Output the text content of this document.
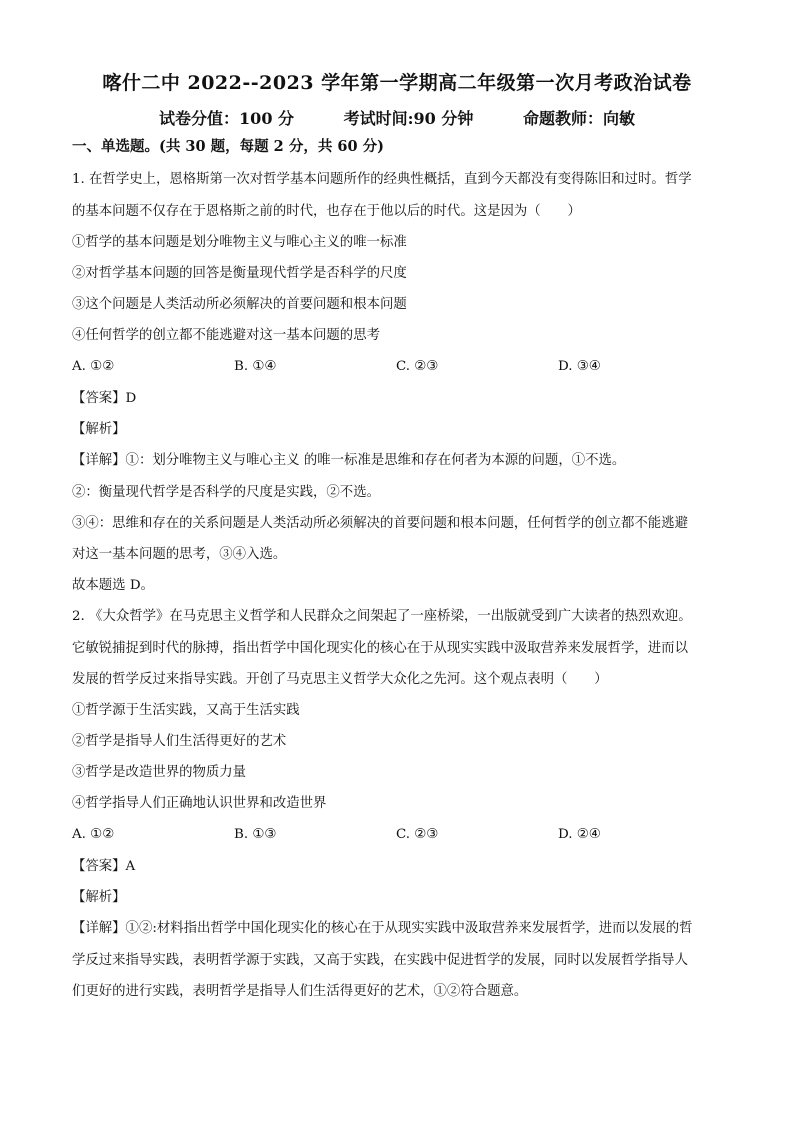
喀什二中 2022--2023 学年第一学期高二年级第一次月考政治试卷
试卷分值：100 分	考试时间:90 分钟	命题教师：向敏
一、单选题。(共 30 题，每题 2 分，共 60 分)
1. 在哲学史上，恩格斯第一次对哲学基本问题所作的经典性概括，直到今天都没有变得陈旧和过时。哲学
的基本问题不仅存在于恩格斯之前的时代，也存在于他以后的时代。这是因为（　　）
①哲学的基本问题是划分唯物主义与唯心主义的唯一标准
②对哲学基本问题的回答是衡量现代哲学是否科学的尺度
③这个问题是人类活动所必须解决的首要问题和根本问题
④任何哲学的创立都不能逃避对这一基本问题的思考
A. ①②	B. ①④	C. ②③	D. ③④
【答案】D
【解析】
【详解】①：划分唯物主义与唯心主义 的唯一标准是思维和存在何者为本源的问题，①不选。
②：衡量现代哲学是否科学的尺度是实践，②不选。
③④：思维和存在的关系问题是人类活动所必须解决的首要问题和根本问题，任何哲学的创立都不能逃避
对这一基本问题的思考，③④入选。
故本题选 D。
2. 《大众哲学》在马克思主义哲学和人民群众之间架起了一座桥梁，一出版就受到广大读者的热烈欢迎。
它敏锐捕捉到时代的脉搏，指出哲学中国化现实化的核心在于从现实实践中汲取营养来发展哲学，进而以
发展的哲学反过来指导实践。开创了马克思主义哲学大众化之先河。这个观点表明（　　）
①哲学源于生活实践，又高于生活实践
②哲学是指导人们生活得更好的艺术
③哲学是改造世界的物质力量
④哲学指导人们正确地认识世界和改造世界
A. ①②	B. ①③	C. ②③	D. ②④
【答案】A
【解析】
【详解】①②:材料指出哲学中国化现实化的核心在于从现实实践中汲取营养来发展哲学，进而以发展的哲
学反过来指导实践，表明哲学源于实践，又高于实践，在实践中促进哲学的发展，同时以发展哲学指导人
们更好的进行实践，表明哲学是指导人们生活得更好的艺术，①②符合题意。
